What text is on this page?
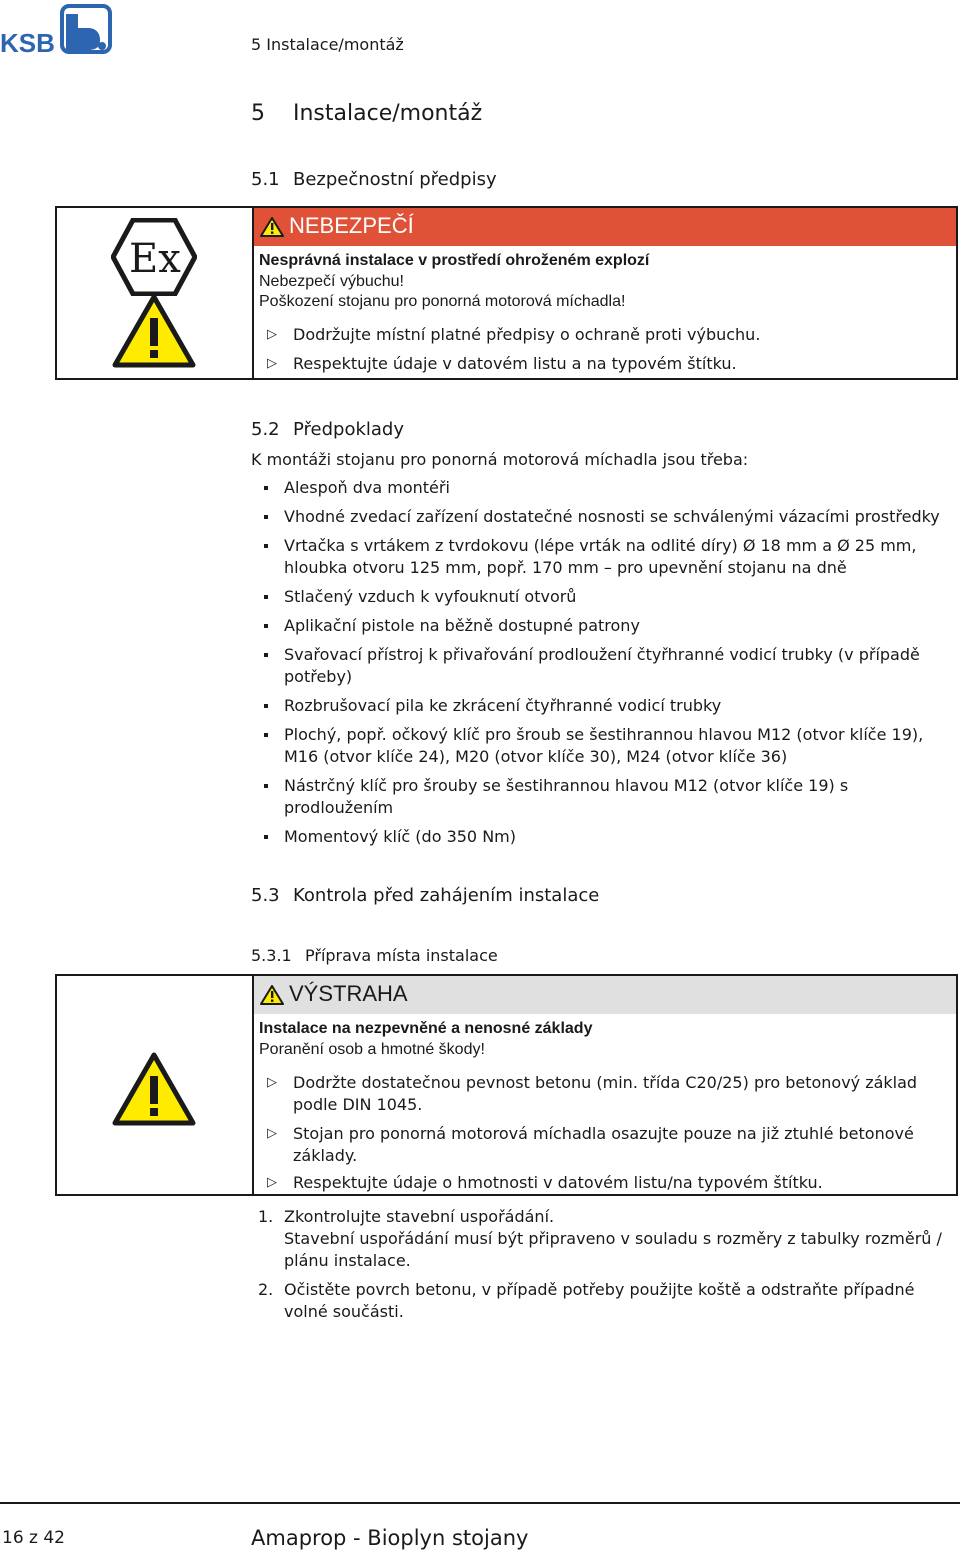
KSB	5 Instalace/montáž
5 Instalace/montáž
5.1 Bezpečnostní předpisy
Ex
NEBEZPEČÍ
Nesprávná instalace v prostředí ohroženém explozí
Nebezpečí výbuchu!
Poškození stojanu pro ponorná motorová míchadla!
▷ Dodržujte místní platné předpisy o ochraně proti výbuchu.
▷ Respektujte údaje v datovém listu a na typovém štítku.
5.2 Předpoklady
K montáži stojanu pro ponorná motorová míchadla jsou třeba:
Alespoň dva montéři
Vhodné zvedací zařízení dostatečné nosnosti se schválenými vázacími prostředky
Vrtačka s vrtákem z tvrdokovu (lépe vrták na odlité díry) Ø 18 mm a Ø 25 mm, hloubka otvoru 125 mm, popř. 170 mm – pro upevnění stojanu na dně
Stlačený vzduch k vyfouknutí otvorů
Aplikační pistole na běžně dostupné patrony
Svařovací přístroj k přivařování prodloužení čtyřhranné vodicí trubky (v případě potřeby)
Rozbrušovací pila ke zkrácení čtyřhranné vodicí trubky
Plochý, popř. očkový klíč pro šroub se šestihrannou hlavou M12 (otvor klíče 19), M16 (otvor klíče 24), M20 (otvor klíče 30), M24 (otvor klíče 36)
Nástrčný klíč pro šrouby se šestihrannou hlavou M12 (otvor klíče 19) s prodloužením
Momentový klíč (do 350 Nm)
5.3 Kontrola před zahájením instalace
5.3.1 Příprava místa instalace
VÝSTRAHA
Instalace na nezpevněné a nenosné základy
Poranění osob a hmotné škody!
▷ Dodržte dostatečnou pevnost betonu (min. třída C20/25) pro betonový základ podle DIN 1045.
▷ Stojan pro ponorná motorová míchadla osazujte pouze na již ztuhlé betonové základy.
▷ Respektujte údaje o hmotnosti v datovém listu/na typovém štítku.
1. Zkontrolujte stavební uspořádání.
Stavební uspořádání musí být připraveno v souladu s rozměry z tabulky rozměrů / plánu instalace.
2. Očistěte povrch betonu, v případě potřeby použijte koště a odstraňte případné volné součásti.
16 z 42	Amaprop - Bioplyn stojany
